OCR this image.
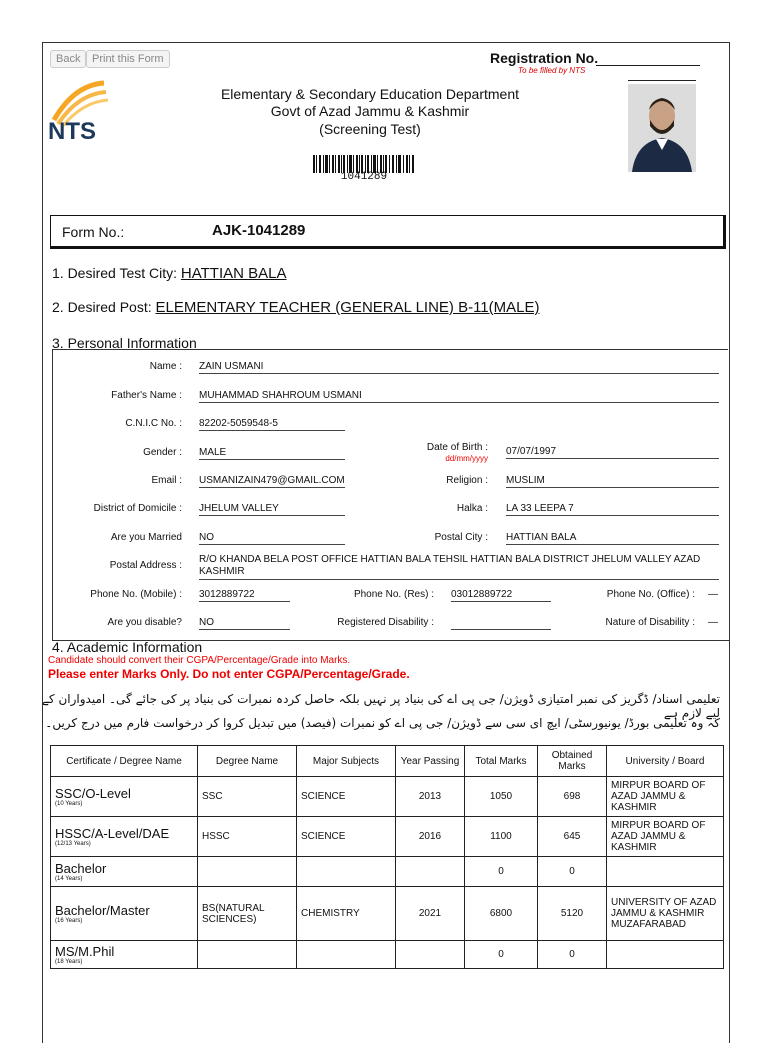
Back	Print this Form	Registration No.
To be filled by NTS
NTS
Elementary & Secondary Education Department
Govt of Azad Jammu & Kashmir
(Screening Test)
1041289
Form No.:	AJK-1041289
1. Desired Test City: HATTIAN BALA
2. Desired Post: ELEMENTARY TEACHER (GENERAL LINE) B-11(MALE)
3. Personal Information
Name : ZAIN USMANI
Father's Name : MUHAMMAD SHAHROUM USMANI
C.N.I.C No. : 82202-5059548-5
Gender : MALE	Date of Birth :
dd/mm/yyyy
07/07/1997
Email : USMANIZAIN479@GMAIL.COM	Religion : MUSLIM
District of Domicile : JHELUM VALLEY	Halka : LA 33 LEEPA 7
Are you Married NO	Postal City : HATTIAN BALA
Postal Address :
R/O KHANDA BELA POST OFFICE HATTIAN BALA TEHSIL HATTIAN BALA DISTRICT JHELUM VALLEY AZAD KASHMIR
Phone No. (Mobile) : 3012889722	Phone No. (Res) : 03012889722	Phone No. (Office) : —
Are you disable? NO	Registered Disability :	Nature of Disability : —
4. Academic Information
Candidate should convert their CGPA/Percentage/Grade into Marks.
Please enter Marks Only. Do not enter CGPA/Percentage/Grade.
تعلیمی اسناد/ ڈگریز کی نمبر امتیازی ڈویژن/ جی پی اے کی بنیاد پر نہیں بلکہ حاصل کردہ نمبرات کی بنیاد پر کی جائے گی۔ امیدواران کے لیے لازم ہے
کہ وہ تعلیمی بورڈ/ یونیورسٹی/ ایچ ای سی سے ڈویژن/ جی پی اے کو نمبرات (فیصد) میں تبدیل کروا کر درخواست فارم میں درج کریں۔
Certificate / Degree Name	Degree Name	Major Subjects	Year Passing	Total Marks	Obtained Marks	University / Board

SSC/O-Level
(10 Years)	SSC	SCIENCE	2013	1050	698	MIRPUR BOARD OF AZAD JAMMU & KASHMIR

HSSC/A-Level/DAE
(12/13 Years)	HSSC	SCIENCE	2016	1100	645	MIRPUR BOARD OF AZAD JAMMU & KASHMIR

Bachelor
(14 Years)				0	0	

Bachelor/Master
(16 Years)	BS(NATURAL SCIENCES)	CHEMISTRY	2021	6800	5120	UNIVERSITY OF AZAD JAMMU & KASHMIR MUZAFARABAD

MS/M.Phil
(18 Years)				0	0	
